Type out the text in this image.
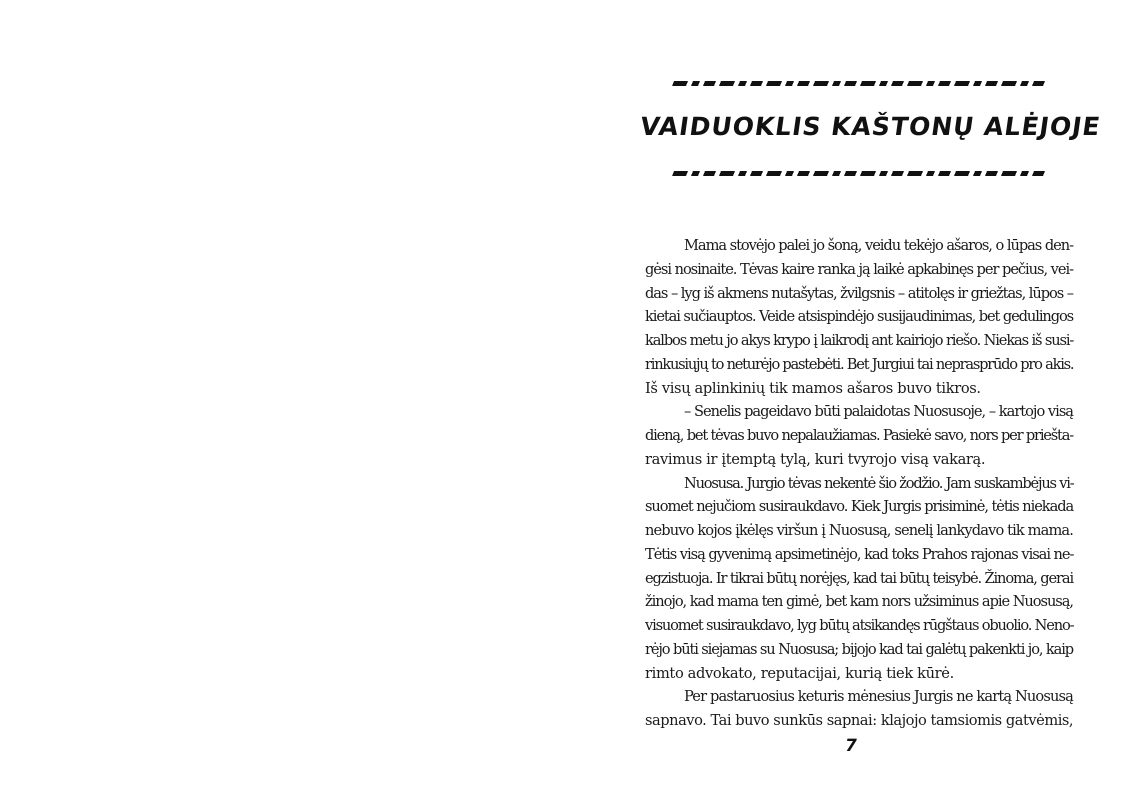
VAIDUOKLIS KAŠTONŲ ALĖJOJE
Mama stovėjo palei jo šoną, veidu tekėjo ašaros, o lūpas den-
gėsi nosinaite. Tėvas kaire ranka ją laikė apkabinęs per pečius, vei-
das – lyg iš akmens nutašytas, žvilgsnis – atitolęs ir griežtas, lūpos –
kietai sučiauptos. Veide atsispindėjo susijaudinimas, bet gedulingos
kalbos metu jo akys krypo į laikrodį ant kairiojo riešo. Niekas iš susi-
rinkusiųjų to neturėjo pastebėti. Bet Jurgiui tai neprasprūdo pro akis.
Iš visų aplinkinių tik mamos ašaros buvo tikros.
– Senelis pageidavo būti palaidotas Nuosusoje, – kartojo visą
dieną, bet tėvas buvo nepalaužiamas. Pasiekė savo, nors per priešta-
ravimus ir įtemptą tylą, kuri tvyrojo visą vakarą.
Nuosusa. Jurgio tėvas nekentė šio žodžio. Jam suskambėjus vi-
suomet nejučiom susiraukdavo. Kiek Jurgis prisiminė, tėtis niekada
nebuvo kojos įkėlęs viršun į Nuosusą, senelį lankydavo tik mama.
Tėtis visą gyvenimą apsimetinėjo, kad toks Prahos rajonas visai ne-
egzistuoja. Ir tikrai būtų norėjęs, kad tai būtų teisybė. Žinoma, gerai
žinojo, kad mama ten gimė, bet kam nors užsiminus apie Nuosusą,
visuomet susiraukdavo, lyg būtų atsikandęs rūgštaus obuolio. Neno-
rėjo būti siejamas su Nuosusa; bijojo kad tai galėtų pakenkti jo, kaip
rimto advokato, reputacijai, kurią tiek kūrė.
Per pastaruosius keturis mėnesius Jurgis ne kartą Nuosusą
sapnavo. Tai buvo sunkūs sapnai: klajojo tamsiomis gatvėmis,
7
